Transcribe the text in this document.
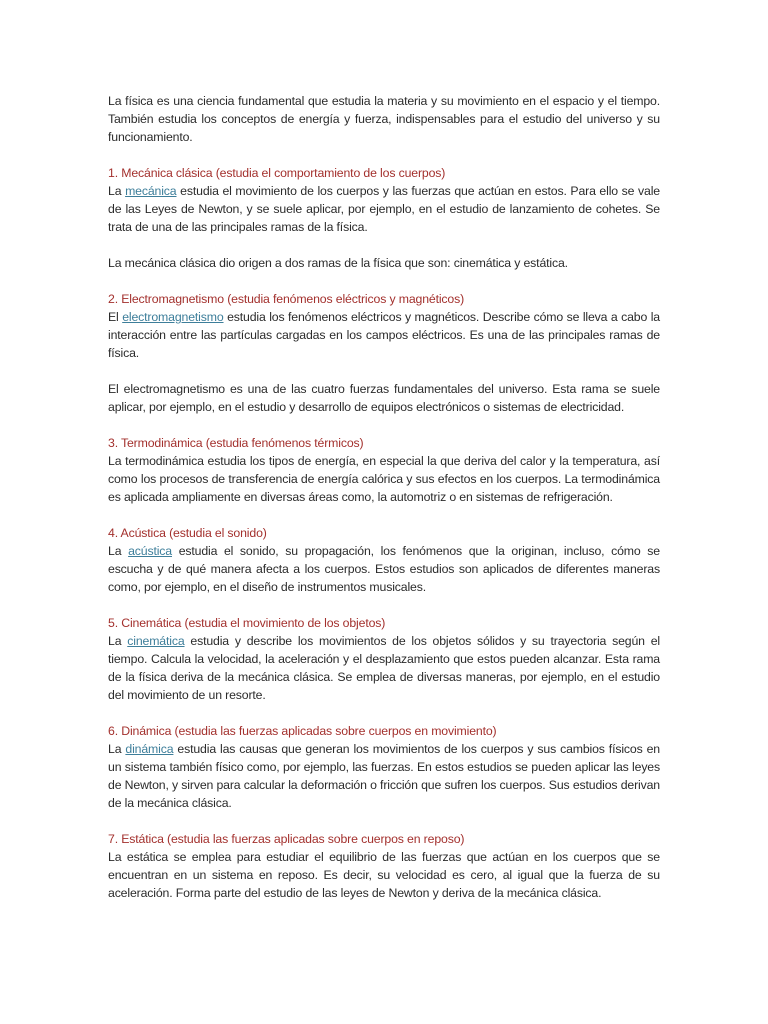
La física es una ciencia fundamental que estudia la materia y su movimiento en el espacio y el tiempo. También estudia los conceptos de energía y fuerza, indispensables para el estudio del universo y su funcionamiento.

1. Mecánica clásica (estudia el comportamiento de los cuerpos)

La mecánica estudia el movimiento de los cuerpos y las fuerzas que actúan en estos. Para ello se vale de las Leyes de Newton, y se suele aplicar, por ejemplo, en el estudio de lanzamiento de cohetes. Se trata de una de las principales ramas de la física.

La mecánica clásica dio origen a dos ramas de la física que son: cinemática y estática.

2. Electromagnetismo (estudia fenómenos eléctricos y magnéticos)

El electromagnetismo estudia los fenómenos eléctricos y magnéticos. Describe cómo se lleva a cabo la interacción entre las partículas cargadas en los campos eléctricos. Es una de las principales ramas de física.

El electromagnetismo es una de las cuatro fuerzas fundamentales del universo. Esta rama se suele aplicar, por ejemplo, en el estudio y desarrollo de equipos electrónicos o sistemas de electricidad.

3. Termodinámica (estudia fenómenos térmicos)

La termodinámica estudia los tipos de energía, en especial la que deriva del calor y la temperatura, así como los procesos de transferencia de energía calórica y sus efectos en los cuerpos. La termodinámica es aplicada ampliamente en diversas áreas como, la automotriz o en sistemas de refrigeración.

4. Acústica (estudia el sonido)

La acústica estudia el sonido, su propagación, los fenómenos que la originan, incluso, cómo se escucha y de qué manera afecta a los cuerpos. Estos estudios son aplicados de diferentes maneras como, por ejemplo, en el diseño de instrumentos musicales.

5. Cinemática (estudia el movimiento de los objetos)

La cinemática estudia y describe los movimientos de los objetos sólidos y su trayectoria según el tiempo. Calcula la velocidad, la aceleración y el desplazamiento que estos pueden alcanzar. Esta rama de la física deriva de la mecánica clásica. Se emplea de diversas maneras, por ejemplo, en el estudio del movimiento de un resorte.

6. Dinámica (estudia las fuerzas aplicadas sobre cuerpos en movimiento)

La dinámica estudia las causas que generan los movimientos de los cuerpos y sus cambios físicos en un sistema también físico como, por ejemplo, las fuerzas. En estos estudios se pueden aplicar las leyes de Newton, y sirven para calcular la deformación o fricción que sufren los cuerpos. Sus estudios derivan de la mecánica clásica.

7. Estática (estudia las fuerzas aplicadas sobre cuerpos en reposo)

La estática se emplea para estudiar el equilibrio de las fuerzas que actúan en los cuerpos que se encuentran en un sistema en reposo. Es decir, su velocidad es cero, al igual que la fuerza de su aceleración. Forma parte del estudio de las leyes de Newton y deriva de la mecánica clásica.
